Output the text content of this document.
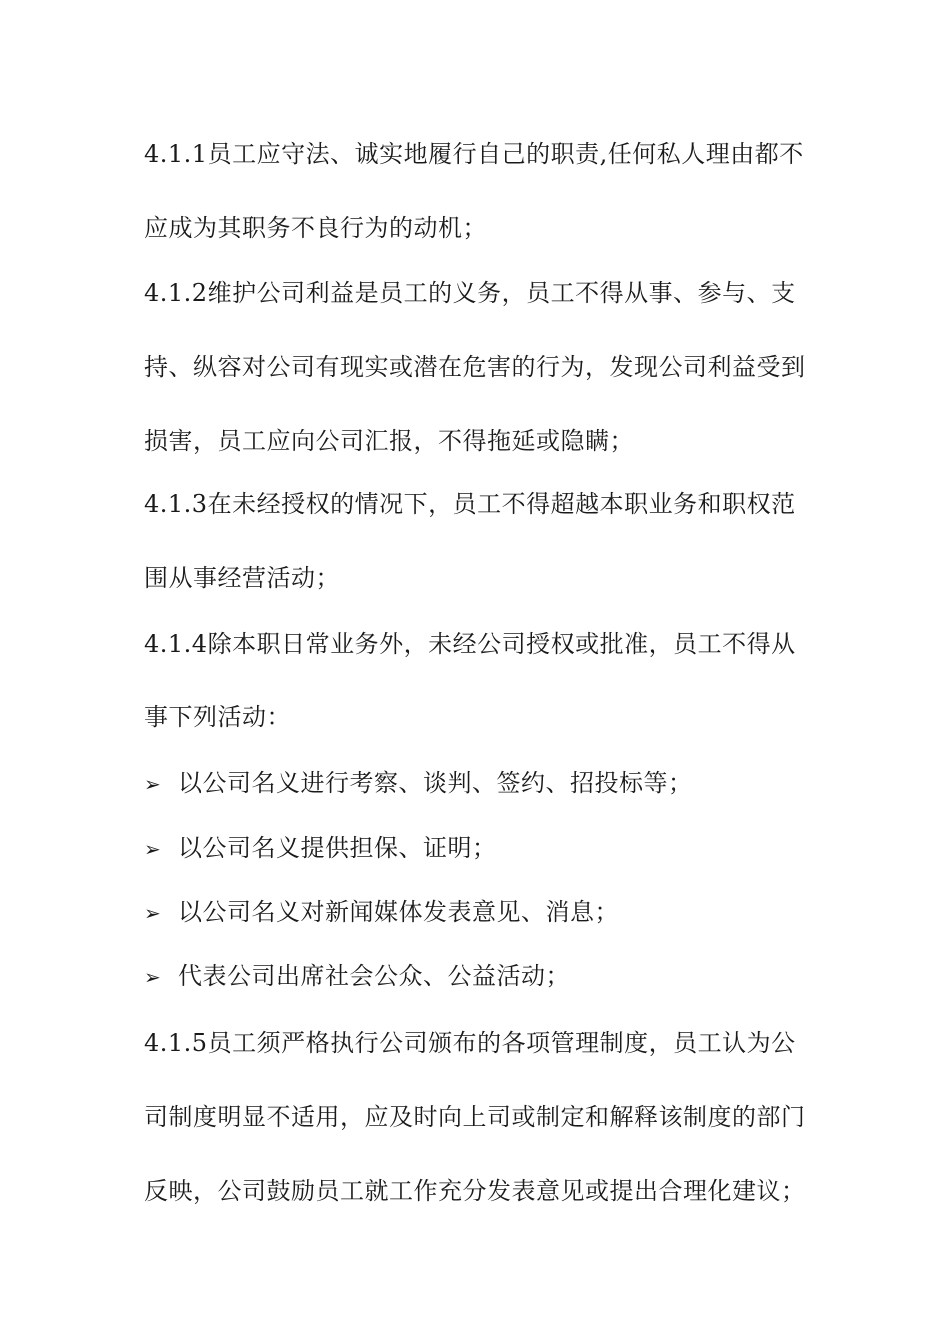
4.1.1员工应守法、诚实地履行自己的职责,任何私人理由都不
应成为其职务不良行为的动机；
4.1.2维护公司利益是员工的义务，员工不得从事、参与、支
持、纵容对公司有现实或潜在危害的行为，发现公司利益受到
损害，员工应向公司汇报，不得拖延或隐瞒；
4.1.3在未经授权的情况下，员工不得超越本职业务和职权范
围从事经营活动；
4.1.4除本职日常业务外，未经公司授权或批准，员工不得从
事下列活动：
➢ 以公司名义进行考察、谈判、签约、招投标等；
➢ 以公司名义提供担保、证明；
➢ 以公司名义对新闻媒体发表意见、消息；
➢ 代表公司出席社会公众、公益活动；
4.1.5员工须严格执行公司颁布的各项管理制度，员工认为公
司制度明显不适用，应及时向上司或制定和解释该制度的部门
反映，公司鼓励员工就工作充分发表意见或提出合理化建议；
